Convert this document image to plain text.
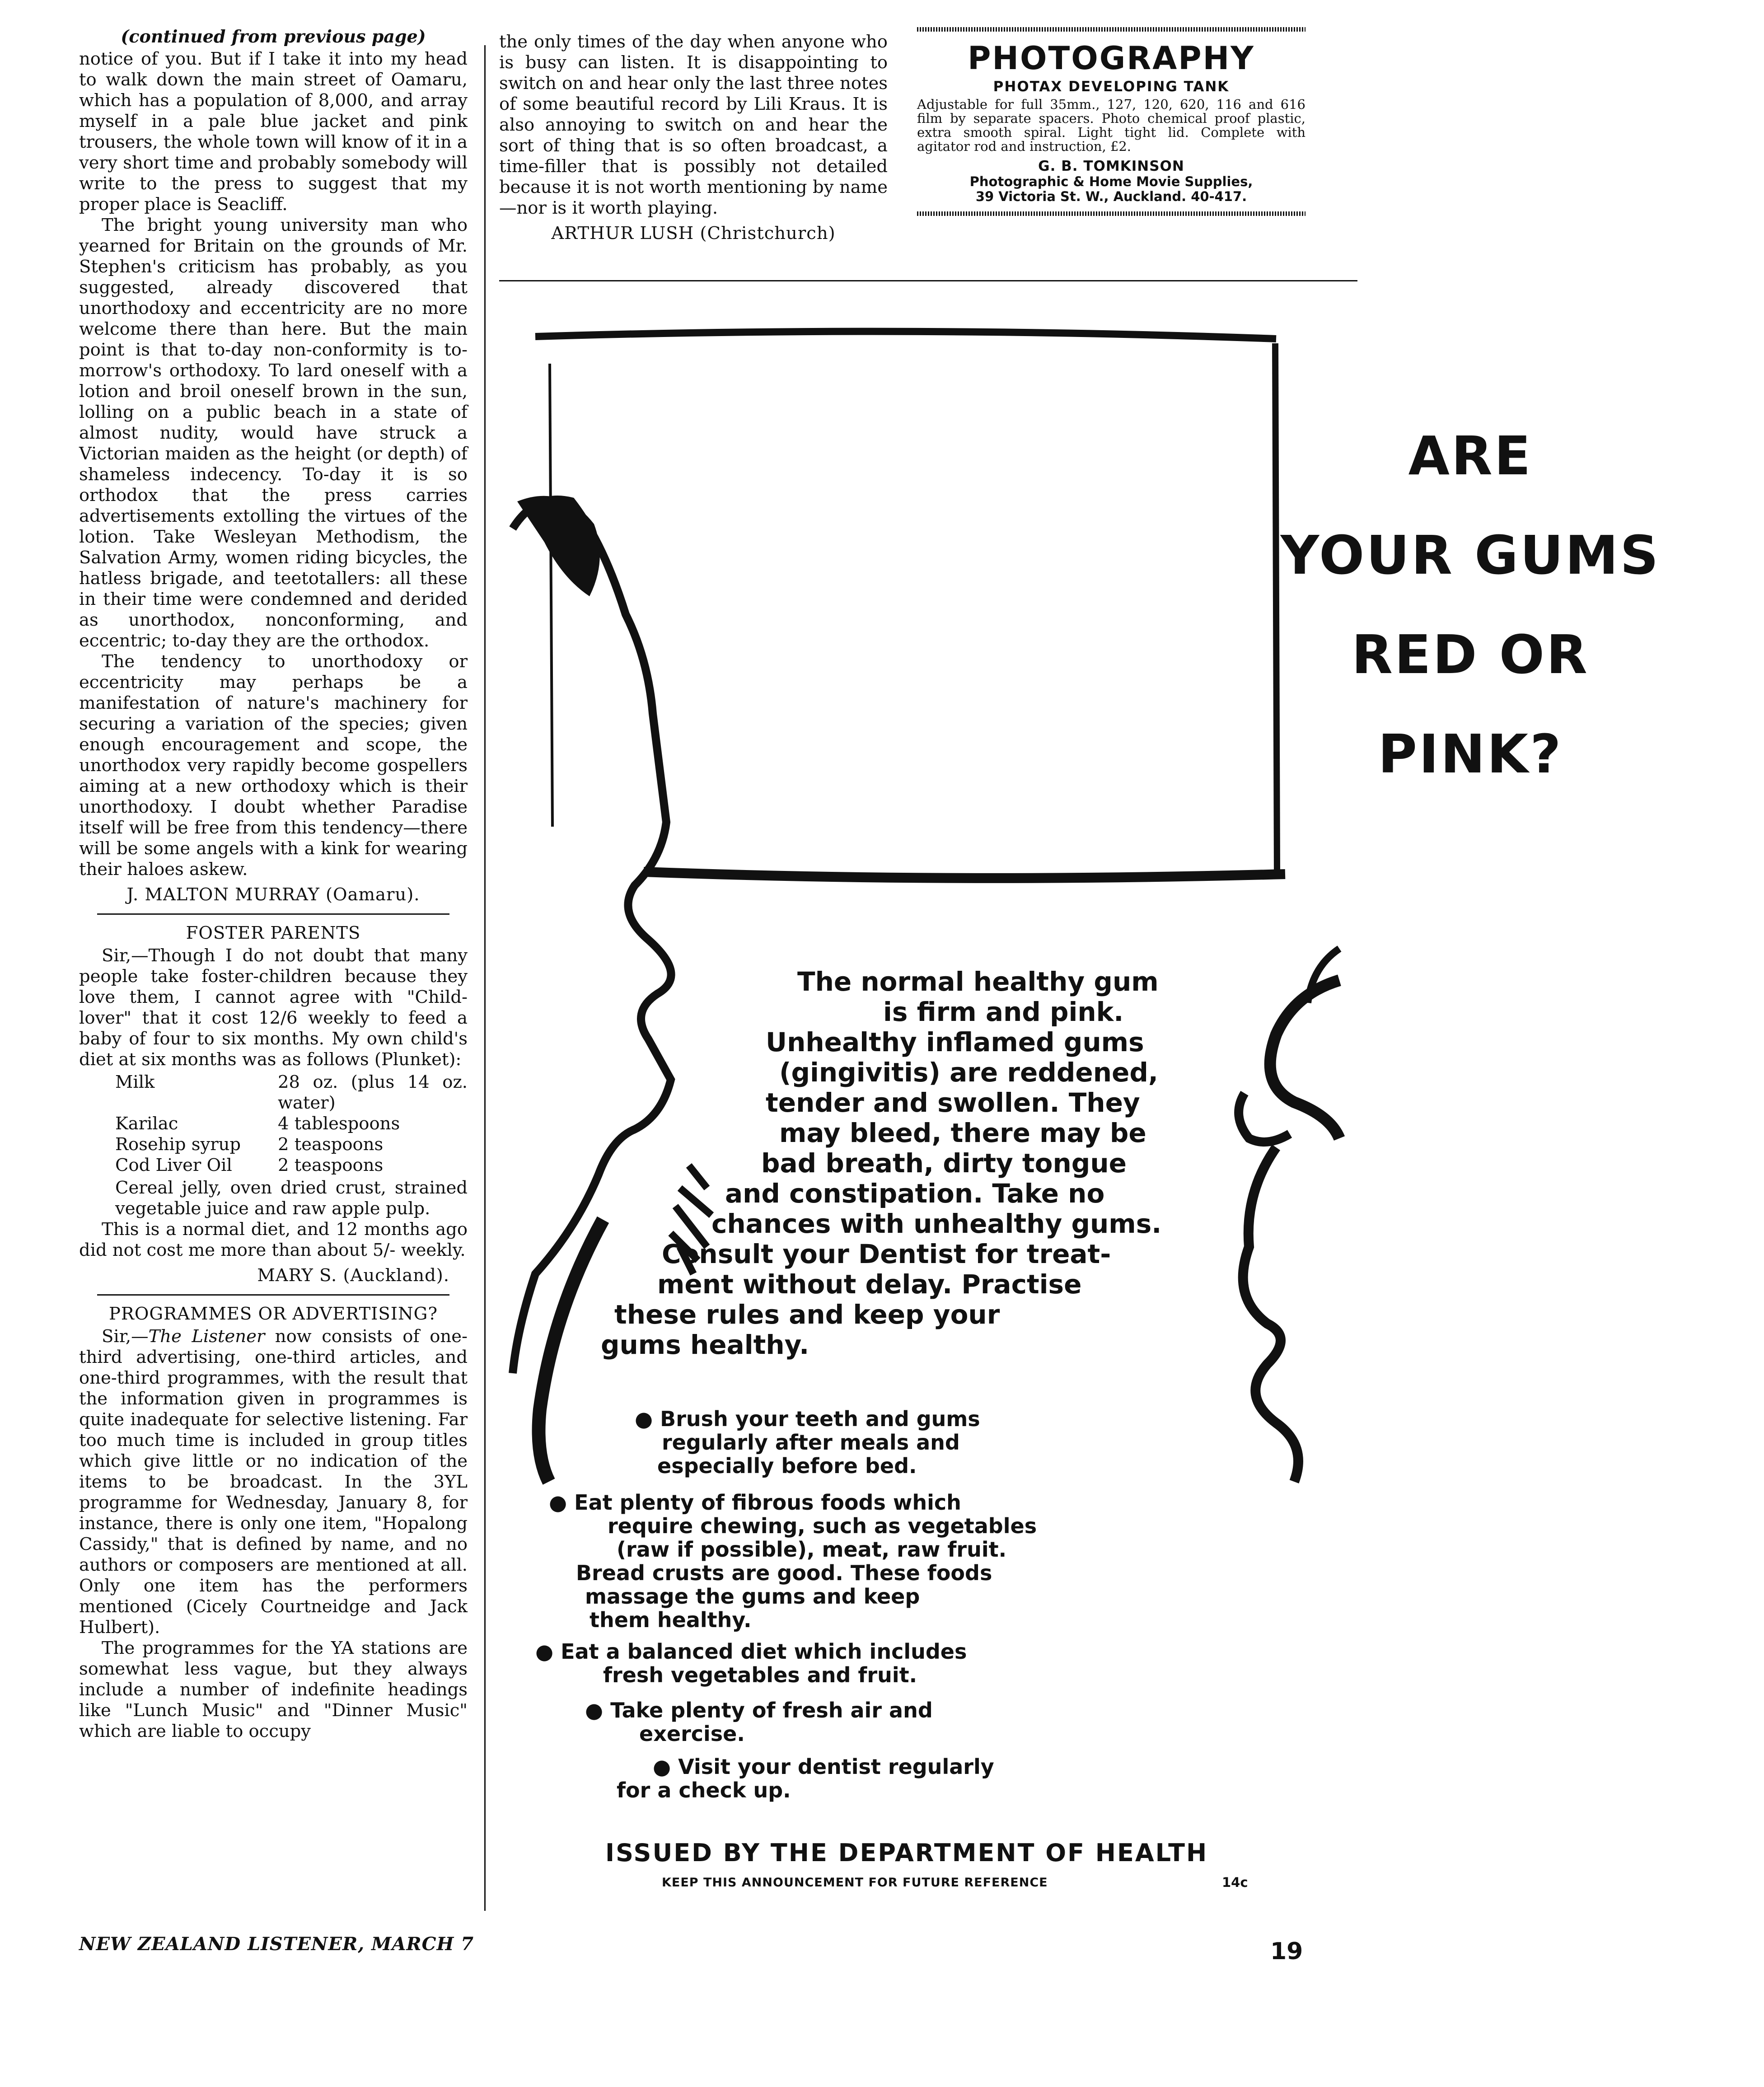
(continued from previous page)

notice of you. But if I take it into my head to walk down the main street of Oamaru, which has a population of 8,000, and array myself in a pale blue jacket and pink trousers, the whole town will know of it in a very short time and probably somebody will write to the press to suggest that my proper place is Seacliff.

The bright young university man who yearned for Britain on the grounds of Mr. Stephen's criticism has probably, as you suggested, already discovered that unorthodoxy and eccentricity are no more welcome there than here. But the main point is that to-day non-conformity is to-morrow's orthodoxy. To lard oneself with a lotion and broil oneself brown in the sun, lolling on a public beach in a state of almost nudity, would have struck a Victorian maiden as the height (or depth) of shameless indecency. To-day it is so orthodox that the press carries advertisements extolling the virtues of the lotion. Take Wesleyan Methodism, the Salvation Army, women riding bicycles, the hatless brigade, and teetotallers: all these in their time were condemned and derided as unorthodox, nonconforming, and eccentric; to-day they are the orthodox.

The tendency to unorthodoxy or eccentricity may perhaps be a manifestation of nature's machinery for securing a variation of the species; given enough encouragement and scope, the unorthodox very rapidly become gospellers aiming at a new orthodoxy which is their unorthodoxy. I doubt whether Paradise itself will be free from this tendency—there will be some angels with a kink for wearing their haloes askew.

J. MALTON MURRAY (Oamaru).

FOSTER PARENTS

Sir,—Though I do not doubt that many people take foster-children because they love them, I cannot agree with "Child-lover" that it cost 12/6 weekly to feed a baby of four to six months. My own child's diet at six months was as follows (Plunket):

Milk	28 oz. (plus 14 oz. water)
Karilac	4 tablespoons
Rosehip syrup	2 teaspoons
Cod Liver Oil	2 teaspoons

Cereal jelly, oven dried crust, strained vegetable juice and raw apple pulp.

This is a normal diet, and 12 months ago did not cost me more than about 5/- weekly.

MARY S. (Auckland).

PROGRAMMES OR ADVERTISING?

Sir,—The Listener now consists of one-third advertising, one-third articles, and one-third programmes, with the result that the information given in programmes is quite inadequate for selective listening. Far too much time is included in group titles which give little or no indication of the items to be broadcast. In the 3YL programme for Wednesday, January 8, for instance, there is only one item, "Hopalong Cassidy," that is defined by name, and no authors or composers are mentioned at all. Only one item has the performers mentioned (Cicely Courtneidge and Jack Hulbert).

The programmes for the YA stations are somewhat less vague, but they always include a number of indefinite headings like "Lunch Music" and "Dinner Music" which are liable to occupy

the only times of the day when anyone who is busy can listen. It is disappointing to switch on and hear only the last three notes of some beautiful record by Lili Kraus. It is also annoying to switch on and hear the sort of thing that is so often broadcast, a time-filler that is possibly not detailed because it is not worth mentioning by name—nor is it worth playing.

ARTHUR LUSH (Christchurch)

PHOTOGRAPHY
PHOTAX DEVELOPING TANK
Adjustable for full 35mm., 127, 120, 620, 116 and 616 film by separate spacers. Photo chemical proof plastic, extra smooth spiral. Light tight lid. Complete with agitator rod and instruction, £2.
G. B. TOMKINSON
Photographic & Home Movie Supplies,
39 Victoria St. W., Auckland. 40-417.
ARE
YOUR GUMS
RED OR
PINK?
The normal healthy gum
is firm and pink.
Unhealthy inflamed gums
(gingivitis) are reddened,
tender and swollen. They
may bleed, there may be
bad breath, dirty tongue
and constipation. Take no
chances with unhealthy gums.
Consult your Dentist for treat-
ment without delay. Practise
these rules and keep your
gums healthy.
● Brush your teeth and gums
regularly after meals and
especially before bed.
● Eat plenty of fibrous foods which
require chewing, such as vegetables
(raw if possible), meat, raw fruit.
Bread crusts are good. These foods
massage the gums and keep
them healthy.
● Eat a balanced diet which includes
fresh vegetables and fruit.
● Take plenty of fresh air and
exercise.
● Visit your dentist regularly
for a check up.
ISSUED BY THE DEPARTMENT OF HEALTH
KEEP THIS ANNOUNCEMENT FOR FUTURE REFERENCE	14c
NEW ZEALAND LISTENER, MARCH 7	19
